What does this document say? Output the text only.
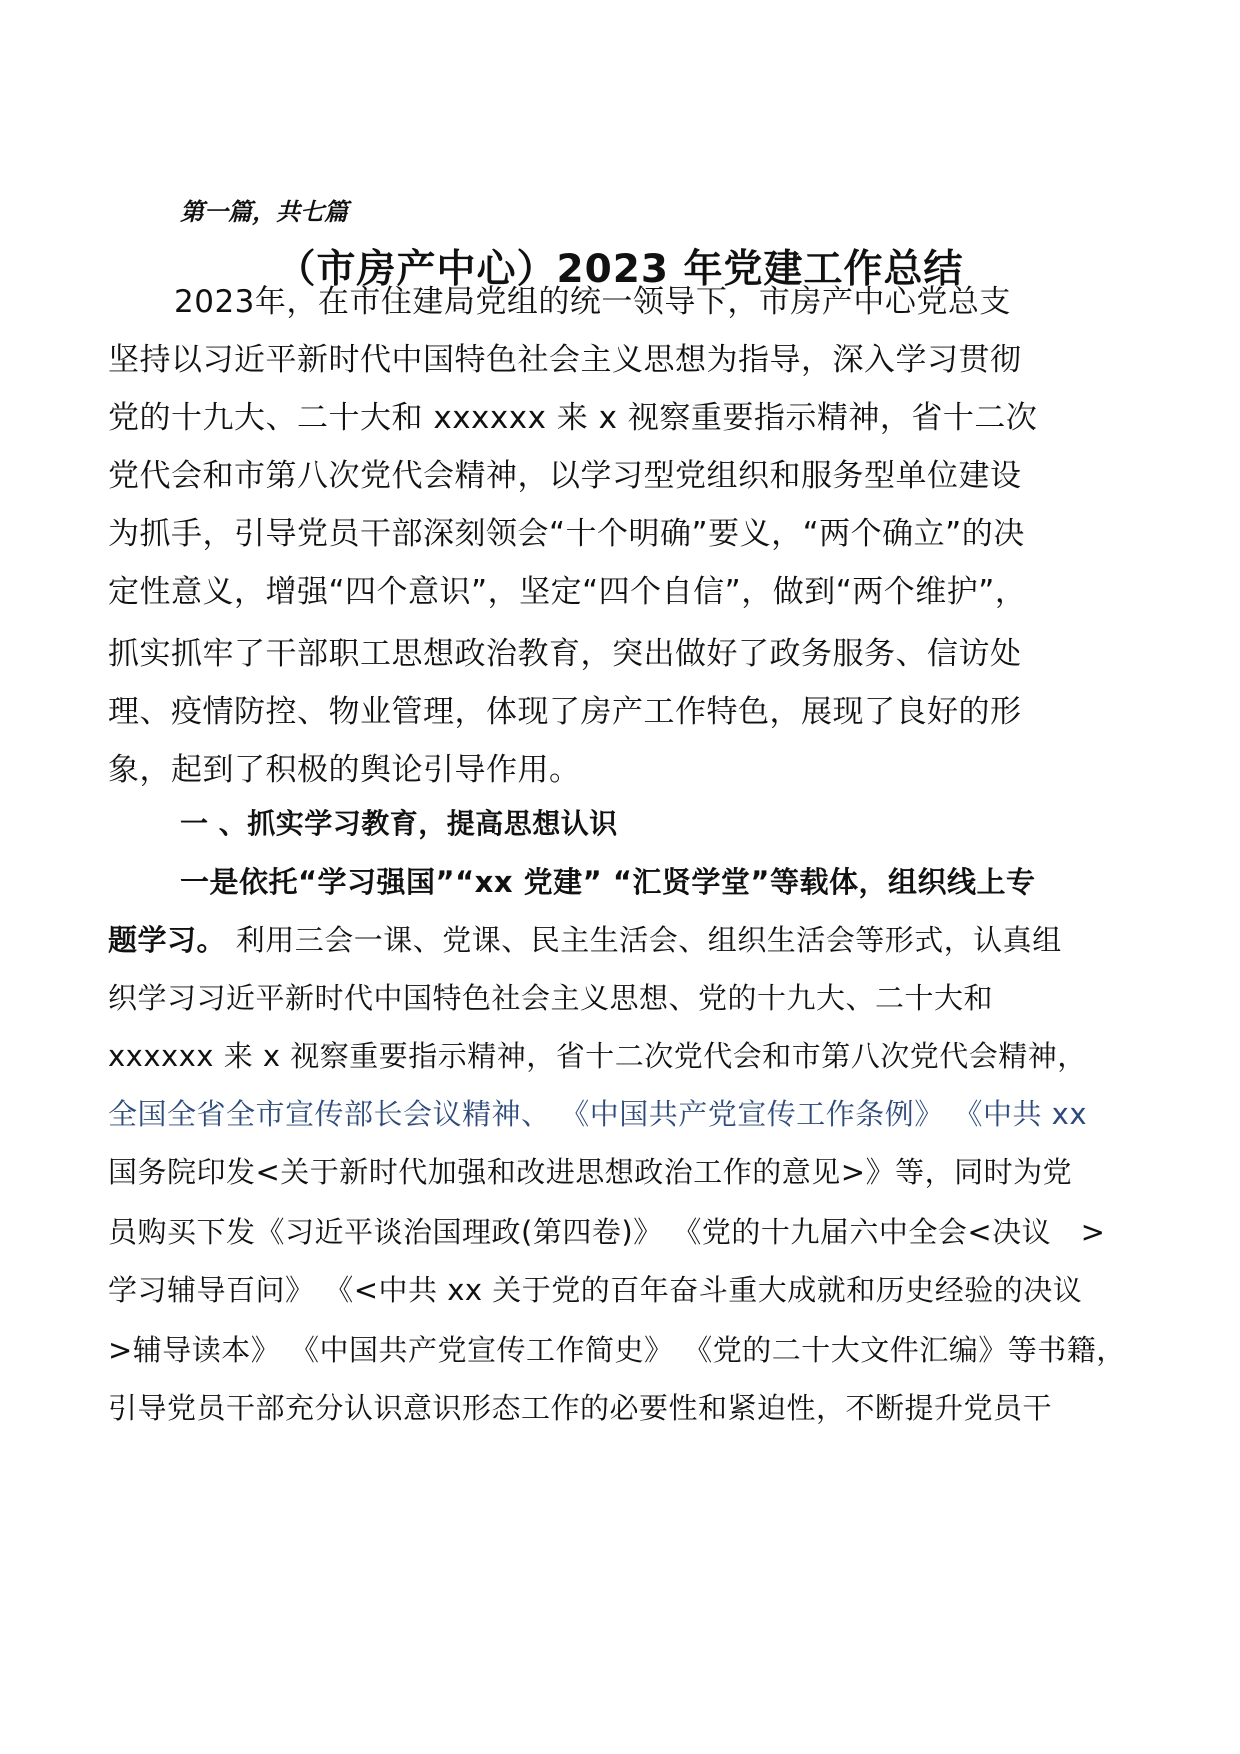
第一篇，共七篇
（市房产中心）2023 年党建工作总结
2023年，在市住建局党组的统一领导下，市房产中心党总支
坚持以习近平新时代中国特色社会主义思想为指导，深入学习贯彻
党的十九大、二十大和 xxxxxx 来 x 视察重要指示精神，省十二次
党代会和市第八次党代会精神，以学习型党组织和服务型单位建设
为抓手，引导党员干部深刻领会“十个明确”要义，“两个确立”的决
定性意义，增强“四个意识”，坚定“四个自信”，做到“两个维护”，
抓实抓牢了干部职工思想政治教育，突出做好了政务服务、信访处
理、疫情防控、物业管理，体现了房产工作特色，展现了良好的形
象，起到了积极的舆论引导作用。
一 、抓实学习教育，提高思想认识
一是依托“学习强国”“xx 党建” “汇贤学堂”等载体，组织线上专
题学习。 利用三会一课、党课、民主生活会、组织生活会等形式，认真组
织学习习近平新时代中国特色社会主义思想、党的十九大、二十大和
xxxxxx 来 x 视察重要指示精神，省十二次党代会和市第八次党代会精神，
全国全省全市宣传部长会议精神、 《中国共产党宣传工作条例》 《中共 xx
国务院印发<关于新时代加强和改进思想政治工作的意见>》等，同时为党
员购买下发《习近平谈治国理政(第四卷)》 《党的十九届六中全会<决议　>
学习辅导百问》 《<中共 xx 关于党的百年奋斗重大成就和历史经验的决议
>辅导读本》 《中国共产党宣传工作简史》 《党的二十大文件汇编》等书籍，
引导党员干部充分认识意识形态工作的必要性和紧迫性，不断提升党员干
